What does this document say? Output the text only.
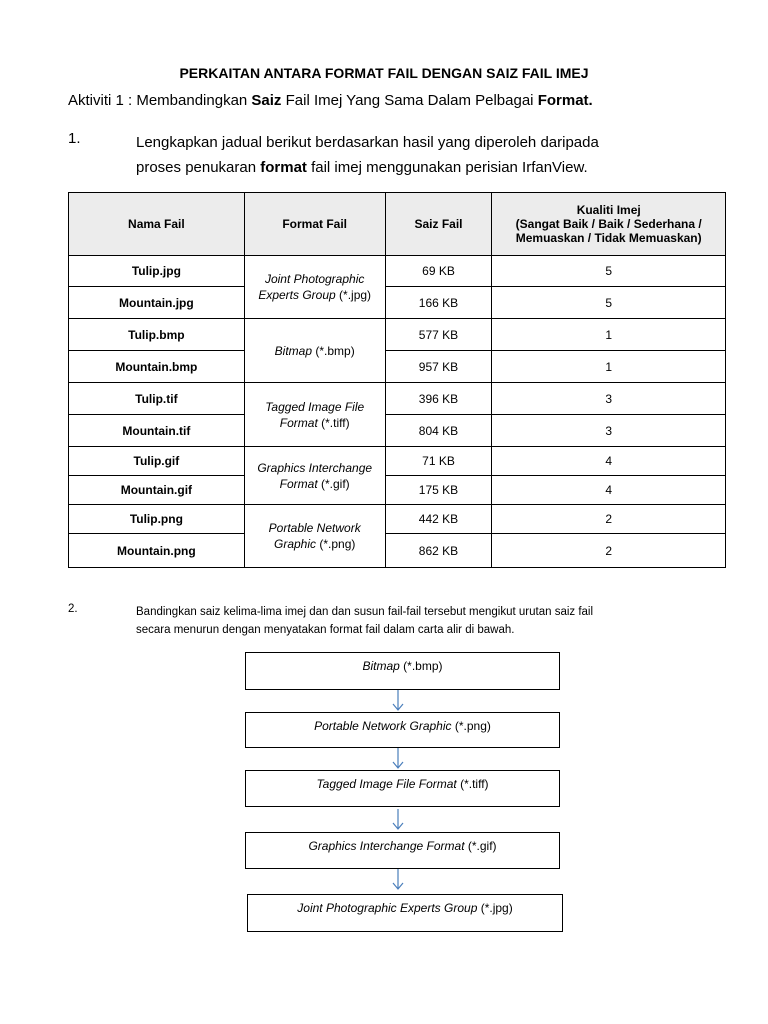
PERKAITAN ANTARA FORMAT FAIL DENGAN SAIZ FAIL IMEJ
Aktiviti 1 : Membandingkan Saiz Fail Imej Yang Sama Dalam Pelbagai Format.
1.	Lengkapkan jadual berikut berdasarkan hasil yang diperoleh daripada
proses penukaran format fail imej menggunakan perisian IrfanView.
Nama Fail	Format Fail	Saiz Fail	Kualiti Imej
(Sangat Baik / Baik / Sederhana /
Memuaskan / Tidak Memuaskan)

Tulip.jpg	Joint Photographic Experts Group (*.jpg)	69 KB	5
Mountain.jpg		166 KB	5
Tulip.bmp	Bitmap (*.bmp)	577 KB	1
Mountain.bmp		957 KB	1
Tulip.tif	Tagged Image File Format (*.tiff)	396 KB	3
Mountain.tif		804 KB	3
Tulip.gif	Graphics Interchange Format (*.gif)	71 KB	4
Mountain.gif		175 KB	4
Tulip.png	Portable Network Graphic (*.png)	442 KB	2
Mountain.png		862 KB	2
2.	Bandingkan saiz kelima-lima imej dan dan susun fail-fail tersebut mengikut urutan saiz fail
secara menurun dengan menyatakan format fail dalam carta alir di bawah.
Bitmap (*.bmp)
Portable Network Graphic (*.png)
Tagged Image File Format (*.tiff)
Graphics Interchange Format (*.gif)
Joint Photographic Experts Group (*.jpg)
